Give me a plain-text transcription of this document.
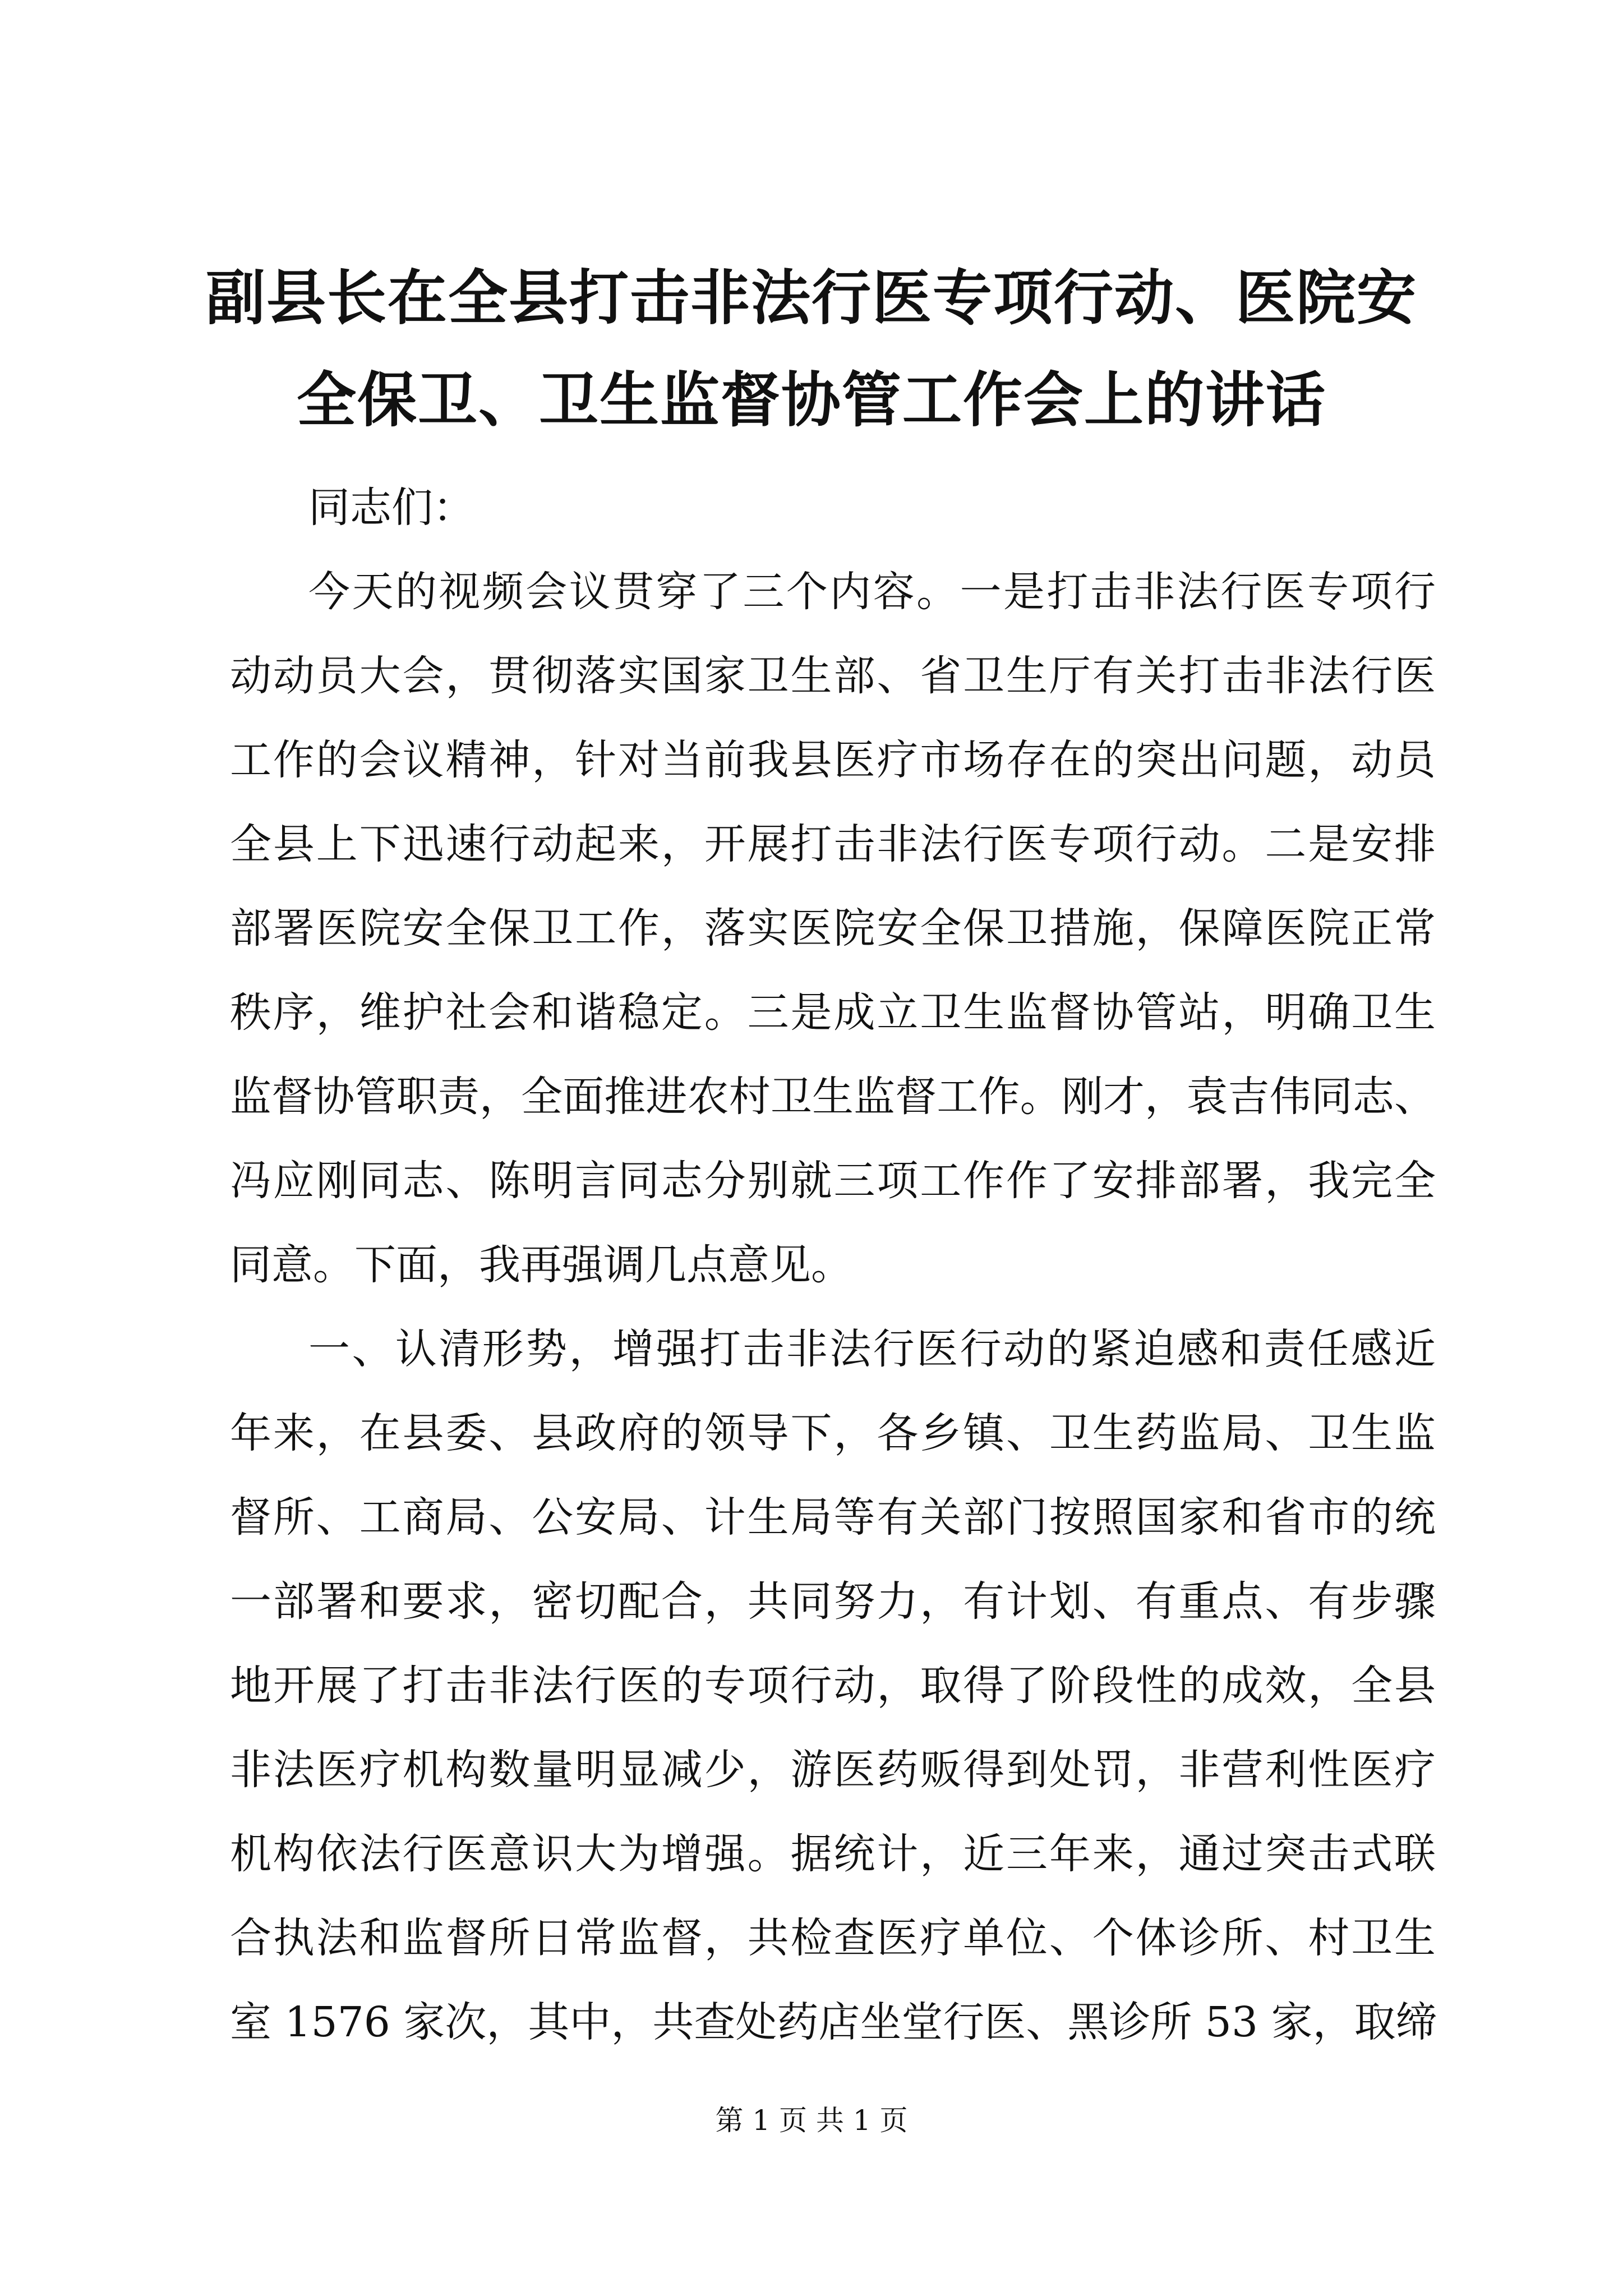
副县长在全县打击非法行医专项行动、医院安
全保卫、卫生监督协管工作会上的讲话
同志们：
今天的视频会议贯穿了三个内容。一是打击非法行医专项行
动动员大会，贯彻落实国家卫生部、省卫生厅有关打击非法行医
工作的会议精神，针对当前我县医疗市场存在的突出问题，动员
全县上下迅速行动起来，开展打击非法行医专项行动。二是安排
部署医院安全保卫工作，落实医院安全保卫措施，保障医院正常
秩序，维护社会和谐稳定。三是成立卫生监督协管站，明确卫生
监督协管职责，全面推进农村卫生监督工作。刚才，袁吉伟同志、
冯应刚同志、陈明言同志分别就三项工作作了安排部署，我完全
同意。下面，我再强调几点意见。
一、认清形势，增强打击非法行医行动的紧迫感和责任感近
年来，在县委、县政府的领导下，各乡镇、卫生药监局、卫生监
督所、工商局、公安局、计生局等有关部门按照国家和省市的统
一部署和要求，密切配合，共同努力，有计划、有重点、有步骤
地开展了打击非法行医的专项行动，取得了阶段性的成效，全县
非法医疗机构数量明显减少，游医药贩得到处罚，非营利性医疗
机构依法行医意识大为增强。据统计，近三年来，通过突击式联
合执法和监督所日常监督，共检查医疗单位、个体诊所、村卫生
室 1576 家次，其中，共查处药店坐堂行医、黑诊所 53 家，取缔
第 1 页 共 1 页
